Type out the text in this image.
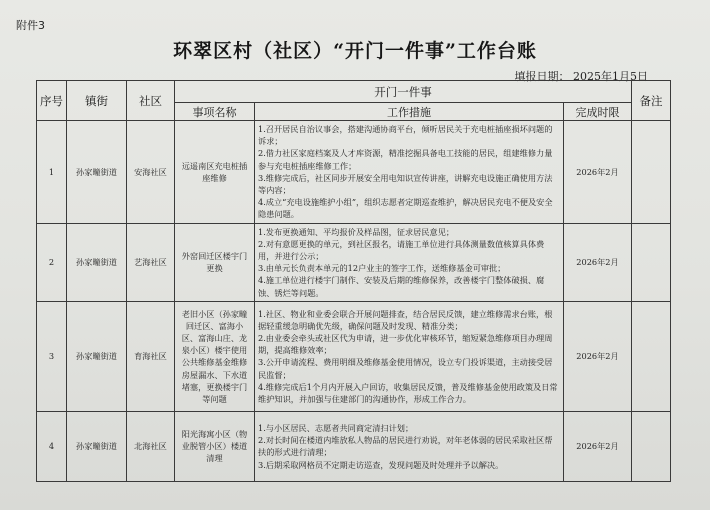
附件3
环翠区村（社区）“开门一件事”工作台账
填报日期： 2025年1月5日
序号	镇街	社区	开门一件事			备注
			事项名称	工作措施	完成时限	
1	孙家疃街道	安海社区	远遥南区充电桩插座维修	1.召开居民自治议事会，搭建沟通协商平台，倾听居民关于充电桩插座损坏问题的诉求；
2.借力社区家庭档案及人才库资源，精准挖掘具备电工技能的居民，组建维修力量参与充电桩插座维修工作；
3.维修完成后，社区同步开展安全用电知识宣传讲座，讲解充电设施正确使用方法等内容；
4.成立“充电设施维护小组”，组织志愿者定期巡查维护，解决居民充电不便及安全隐患问题。	2026年2月	
2	孙家疃街道	艺海社区	外窑回迁区楼宇门更换	1.发布更换通知、平均报价及样品图，征求居民意见；
2.对有意愿更换的单元，到社区报名，请施工单位进行具体测量数值核算具体费用，并进行公示；
3.由单元长负责本单元的12户业主的签字工作，送维修基金可审批；
4.施工单位进行楼宇门制作、安装及后期的维修保养，改善楼宇门整体破损、腐蚀、锈烂等问题。	2026年2月	
3	孙家疃街道	育海社区	老旧小区（孙家疃回迁区、富海小区、富海山庄、龙泉小区）楼宇使用公共维修基金维修房屋漏水、下水道堵塞，更换楼宇门等问题	1.社区、物业和业委会联合开展问题排查，结合居民反馈，建立维修需求台账，根据轻重缓急明确优先级，确保问题及时发现、精准分类；
2.由业委会牵头或社区代为申请，进一步优化审核环节，缩短紧急维修项目办理周期，提高维修效率；
3.公开申请流程、费用明细及维修基金使用情况，设立专门投诉渠道，主动接受居民监督；
4.维修完成后1个月内开展入户回访，收集居民反馈，普及维修基金使用政策及日常维护知识，并加强与住建部门的沟通协作，形成工作合力。	2026年2月	
4	孙家疃街道	北海社区	阳光海寓小区（物业脱管小区）楼道清理	1.与小区居民、志愿者共同商定清扫计划；
2.对长时间在楼道内堆放私人物品的居民进行劝说，对年老体弱的居民采取社区帮扶的形式进行清理；
3.后期采取网格员不定期走访巡查，发现问题及时处理并予以解决。	2026年2月	
